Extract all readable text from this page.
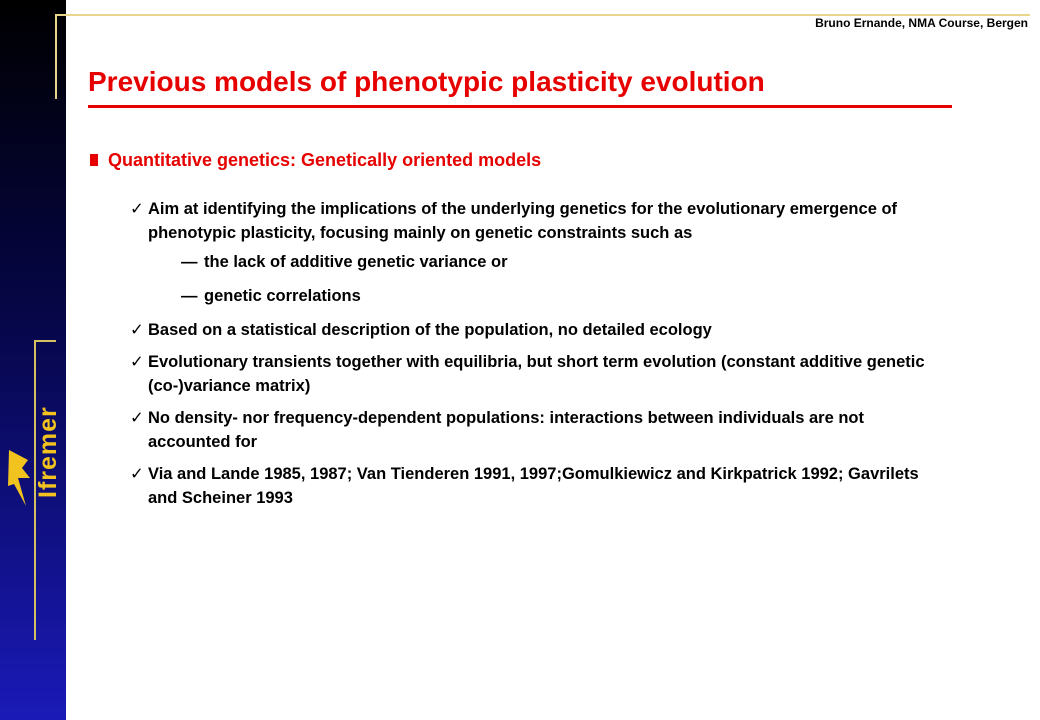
Ifremer
Bruno Ernande, NMA Course, Bergen
Previous models of phenotypic plasticity evolution
Quantitative genetics: Genetically oriented models
✓ Aim at identifying the implications of the underlying genetics for the evolutionary emergence of phenotypic plasticity, focusing mainly on genetic constraints such as
— the lack of additive genetic variance or
— genetic correlations
✓ Based on a statistical description of the population, no detailed ecology
✓ Evolutionary transients together with equilibria, but short term evolution (constant additive genetic (co-)variance matrix)
✓ No density- nor frequency-dependent populations: interactions between individuals are not accounted for
✓ Via and Lande 1985, 1987; Van Tienderen 1991, 1997;Gomulkiewicz and Kirkpatrick 1992; Gavrilets and Scheiner 1993
